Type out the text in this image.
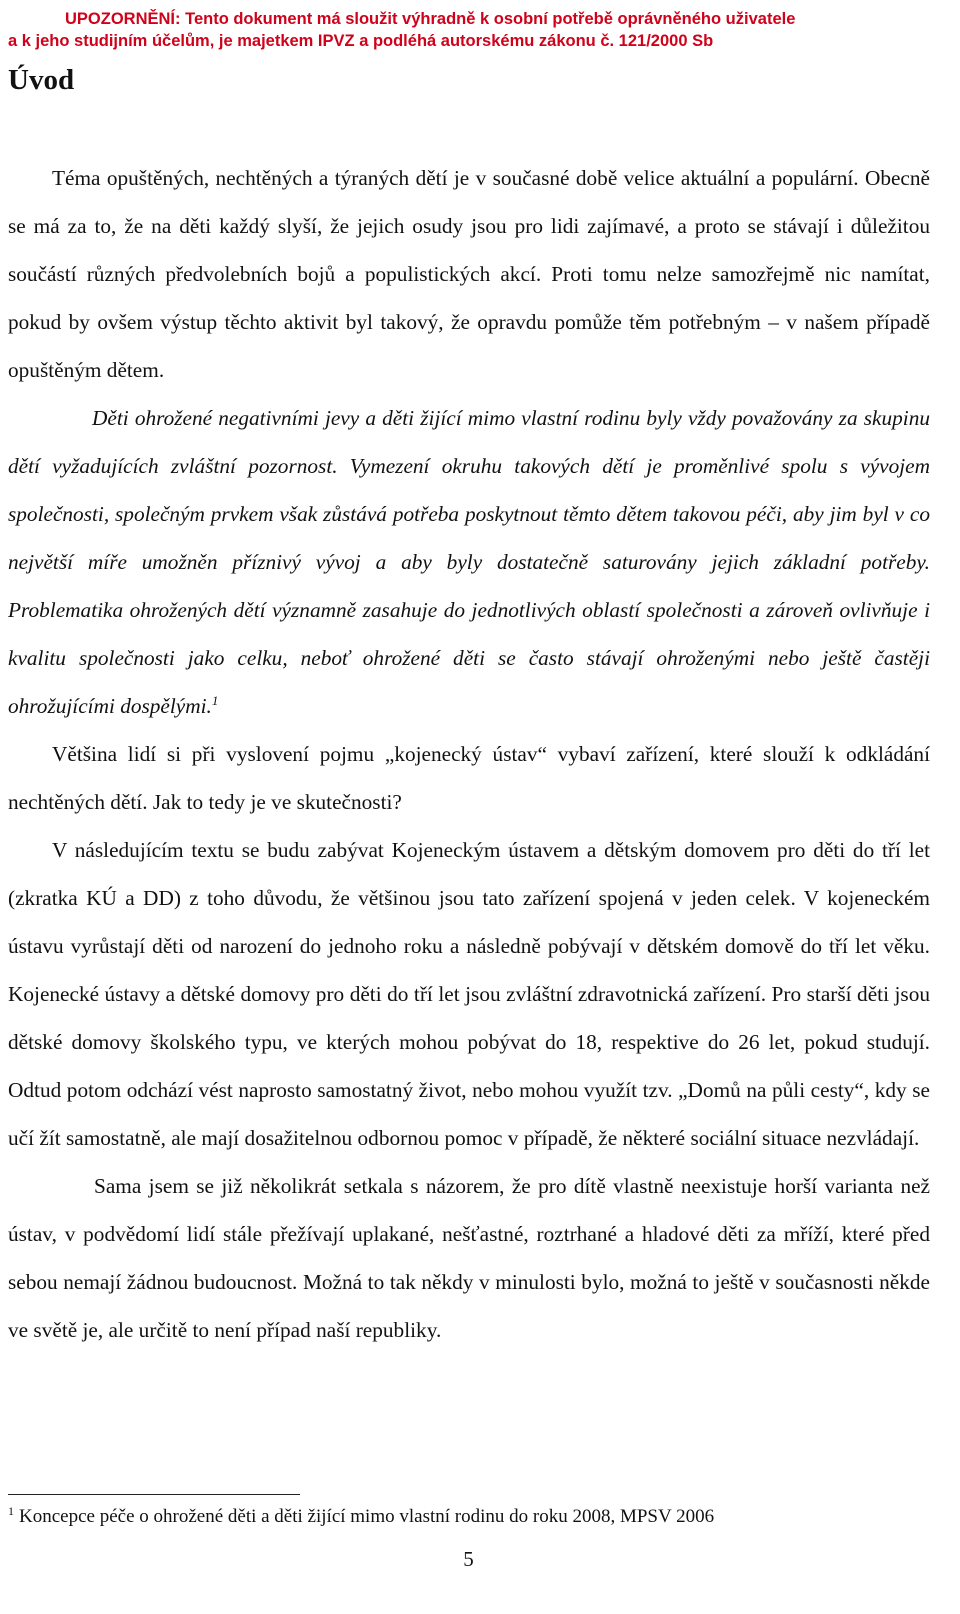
UPOZORNĚNÍ: Tento dokument má sloužit výhradně k osobní potřebě oprávněného uživatele
a k jeho studijním účelům, je majetkem IPVZ a podléhá autorskému zákonu č. 121/2000 Sb
Úvod

Téma opuštěných, nechtěných a týraných dětí je v současné době velice aktuální a populární. Obecně se má za to, že na děti každý slyší, že jejich osudy jsou pro lidi zajímavé, a proto se stávají i důležitou součástí různých předvolebních bojů a populistických akcí. Proti tomu nelze samozřejmě nic namítat, pokud by ovšem výstup těchto aktivit byl takový, že opravdu pomůže těm potřebným – v našem případě opuštěným dětem.

Děti ohrožené negativními jevy a děti žijící mimo vlastní rodinu byly vždy považovány za skupinu dětí vyžadujících zvláštní pozornost. Vymezení okruhu takových dětí je proměnlivé spolu s vývojem společnosti, společným prvkem však zůstává potřeba poskytnout těmto dětem takovou péči, aby jim byl v co největší míře umožněn příznivý vývoj a aby byly dostatečně saturovány jejich základní potřeby. Problematika ohrožených dětí významně zasahuje do jednotlivých oblastí společnosti a zároveň ovlivňuje i kvalitu společnosti jako celku, neboť ohrožené děti se často stávají ohroženými nebo ještě častěji ohrožujícími dospělými.$^1$

Většina lidí si při vyslovení pojmu „kojenecký ústav“ vybaví zařízení, které slouží k odkládání nechtěných dětí. Jak to tedy je ve skutečnosti?

V následujícím textu se budu zabývat Kojeneckým ústavem a dětským domovem pro děti do tří let (zkratka KÚ a DD) z toho důvodu, že většinou jsou tato zařízení spojená v jeden celek. V kojeneckém ústavu vyrůstají děti od narození do jednoho roku a následně pobývají v dětském domově do tří let věku. Kojenecké ústavy a dětské domovy pro děti do tří let jsou zvláštní zdravotnická zařízení. Pro starší děti jsou dětské domovy školského typu, ve kterých mohou pobývat do 18, respektive do 26 let, pokud studují. Odtud potom odchází vést naprosto samostatný život, nebo mohou využít tzv. „Domů na půli cesty“, kdy se učí žít samostatně, ale mají dosažitelnou odbornou pomoc v případě, že některé sociální situace nezvládají.

Sama jsem se již několikrát setkala s názorem, že pro dítě vlastně neexistuje horší varianta než ústav, v podvědomí lidí stále přežívají uplakané, nešťastné, roztrhané a hladové děti za mříží, které před sebou nemají žádnou budoucnost. Možná to tak někdy v minulosti bylo, možná to ještě v současnosti někde ve světě je, ale určitě to není případ naší republiky.

$^1$ Koncepce péče o ohrožené děti a děti žijící mimo vlastní rodinu do roku 2008, MPSV 2006
5
